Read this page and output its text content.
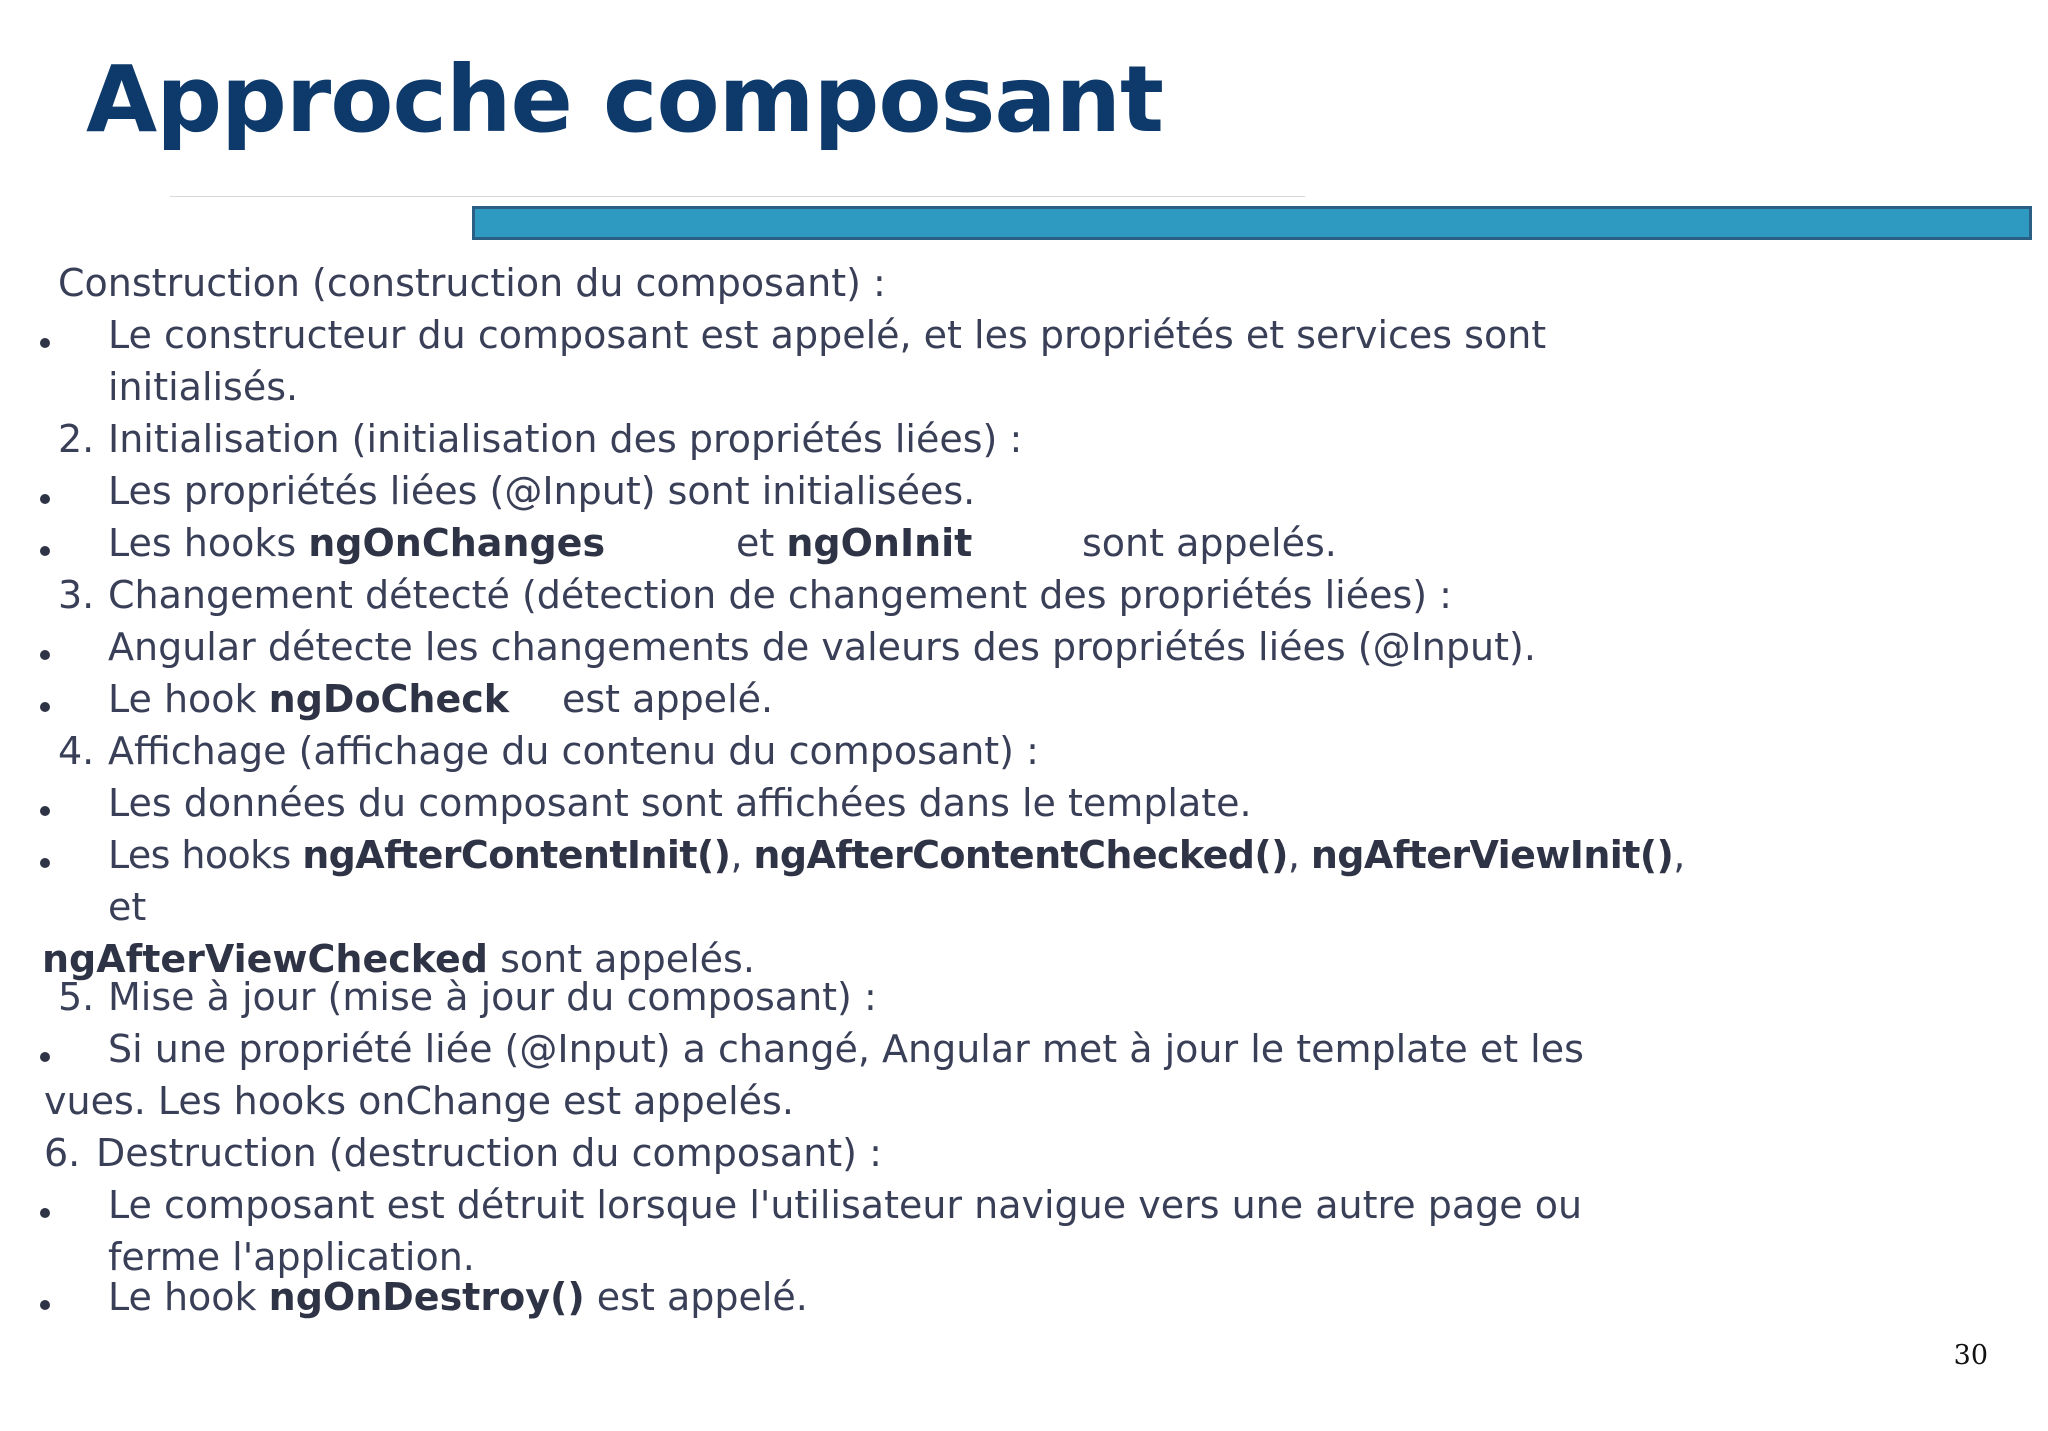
Approche composant
Construction (construction du composant) :
Le constructeur du composant est appelé, et les propriétés et services sont
initialisés.
2. Initialisation (initialisation des propriétés liées) :
Les propriétés liées (@Input) sont initialisées.
Les hooks ngOnChanges	et ngOnInit	sont appelés.
3. Changement détecté (détection de changement des propriétés liées) :
Angular détecte les changements de valeurs des propriétés liées (@Input).
Le hook ngDoCheck est appelé.
4. Affichage (affichage du contenu du composant) :
Les données du composant sont affichées dans le template.
Les hooks ngAfterContentInit(), ngAfterContentChecked(), ngAfterViewInit(),
et
ngAfterViewChecked sont appelés.
5. Mise à jour (mise à jour du composant) :
Si une propriété liée (@Input) a changé, Angular met à jour le template et les
vues. Les hooks onChange est appelés.
6. Destruction (destruction du composant) :
Le composant est détruit lorsque l'utilisateur navigue vers une autre page ou
ferme l'application.
Le hook ngOnDestroy() est appelé.
30
